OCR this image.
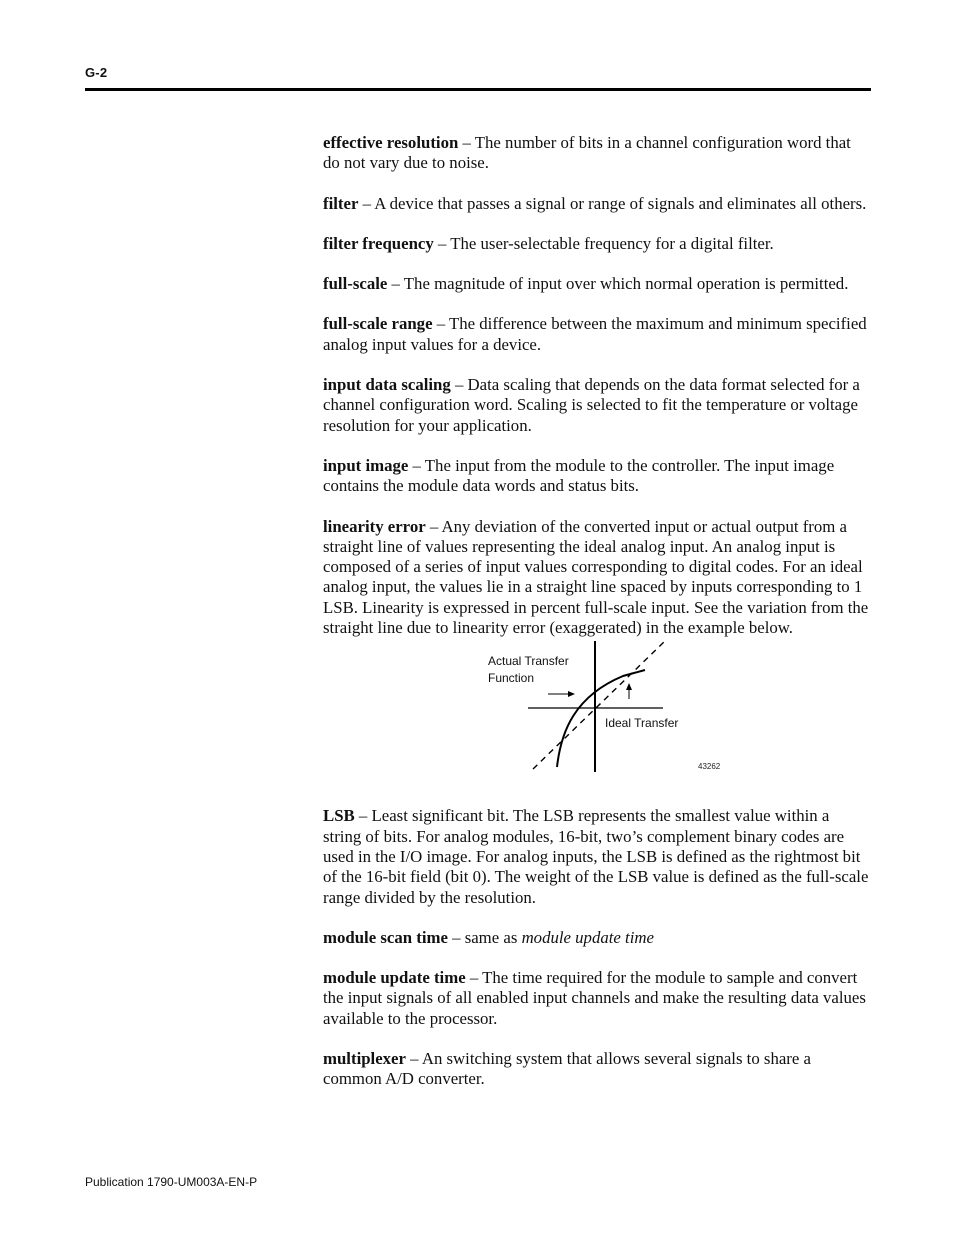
G-2
effective resolution – The number of bits in a channel configuration word that do not vary due to noise.
filter – A device that passes a signal or range of signals and eliminates all others.
filter frequency – The user-selectable frequency for a digital filter.
full-scale – The magnitude of input over which normal operation is permitted.
full-scale range – The difference between the maximum and minimum specified analog input values for a device.
input data scaling – Data scaling that depends on the data format selected for a channel configuration word. Scaling is selected to fit the temperature or voltage resolution for your application.
input image – The input from the module to the controller. The input image contains the module data words and status bits.
linearity error – Any deviation of the converted input or actual output from a straight line of values representing the ideal analog input. An analog input is composed of a series of input values corresponding to digital codes. For an ideal analog input, the values lie in a straight line spaced by inputs corresponding to 1 LSB. Linearity is expressed in percent full-scale input. See the variation from the straight line due to linearity error (exaggerated) in the example below.
Actual Transfer
Function
Ideal Transfer
43262
LSB – Least significant bit. The LSB represents the smallest value within a string of bits. For analog modules, 16-bit, two’s complement binary codes are used in the I/O image. For analog inputs, the LSB is defined as the rightmost bit of the 16-bit field (bit 0). The weight of the LSB value is defined as the full-scale range divided by the resolution.
module scan time – same as module update time
module update time – The time required for the module to sample and convert the input signals of all enabled input channels and make the resulting data values available to the processor.
multiplexer – An switching system that allows several signals to share a common A/D converter.
Publication 1790-UM003A-EN-P
